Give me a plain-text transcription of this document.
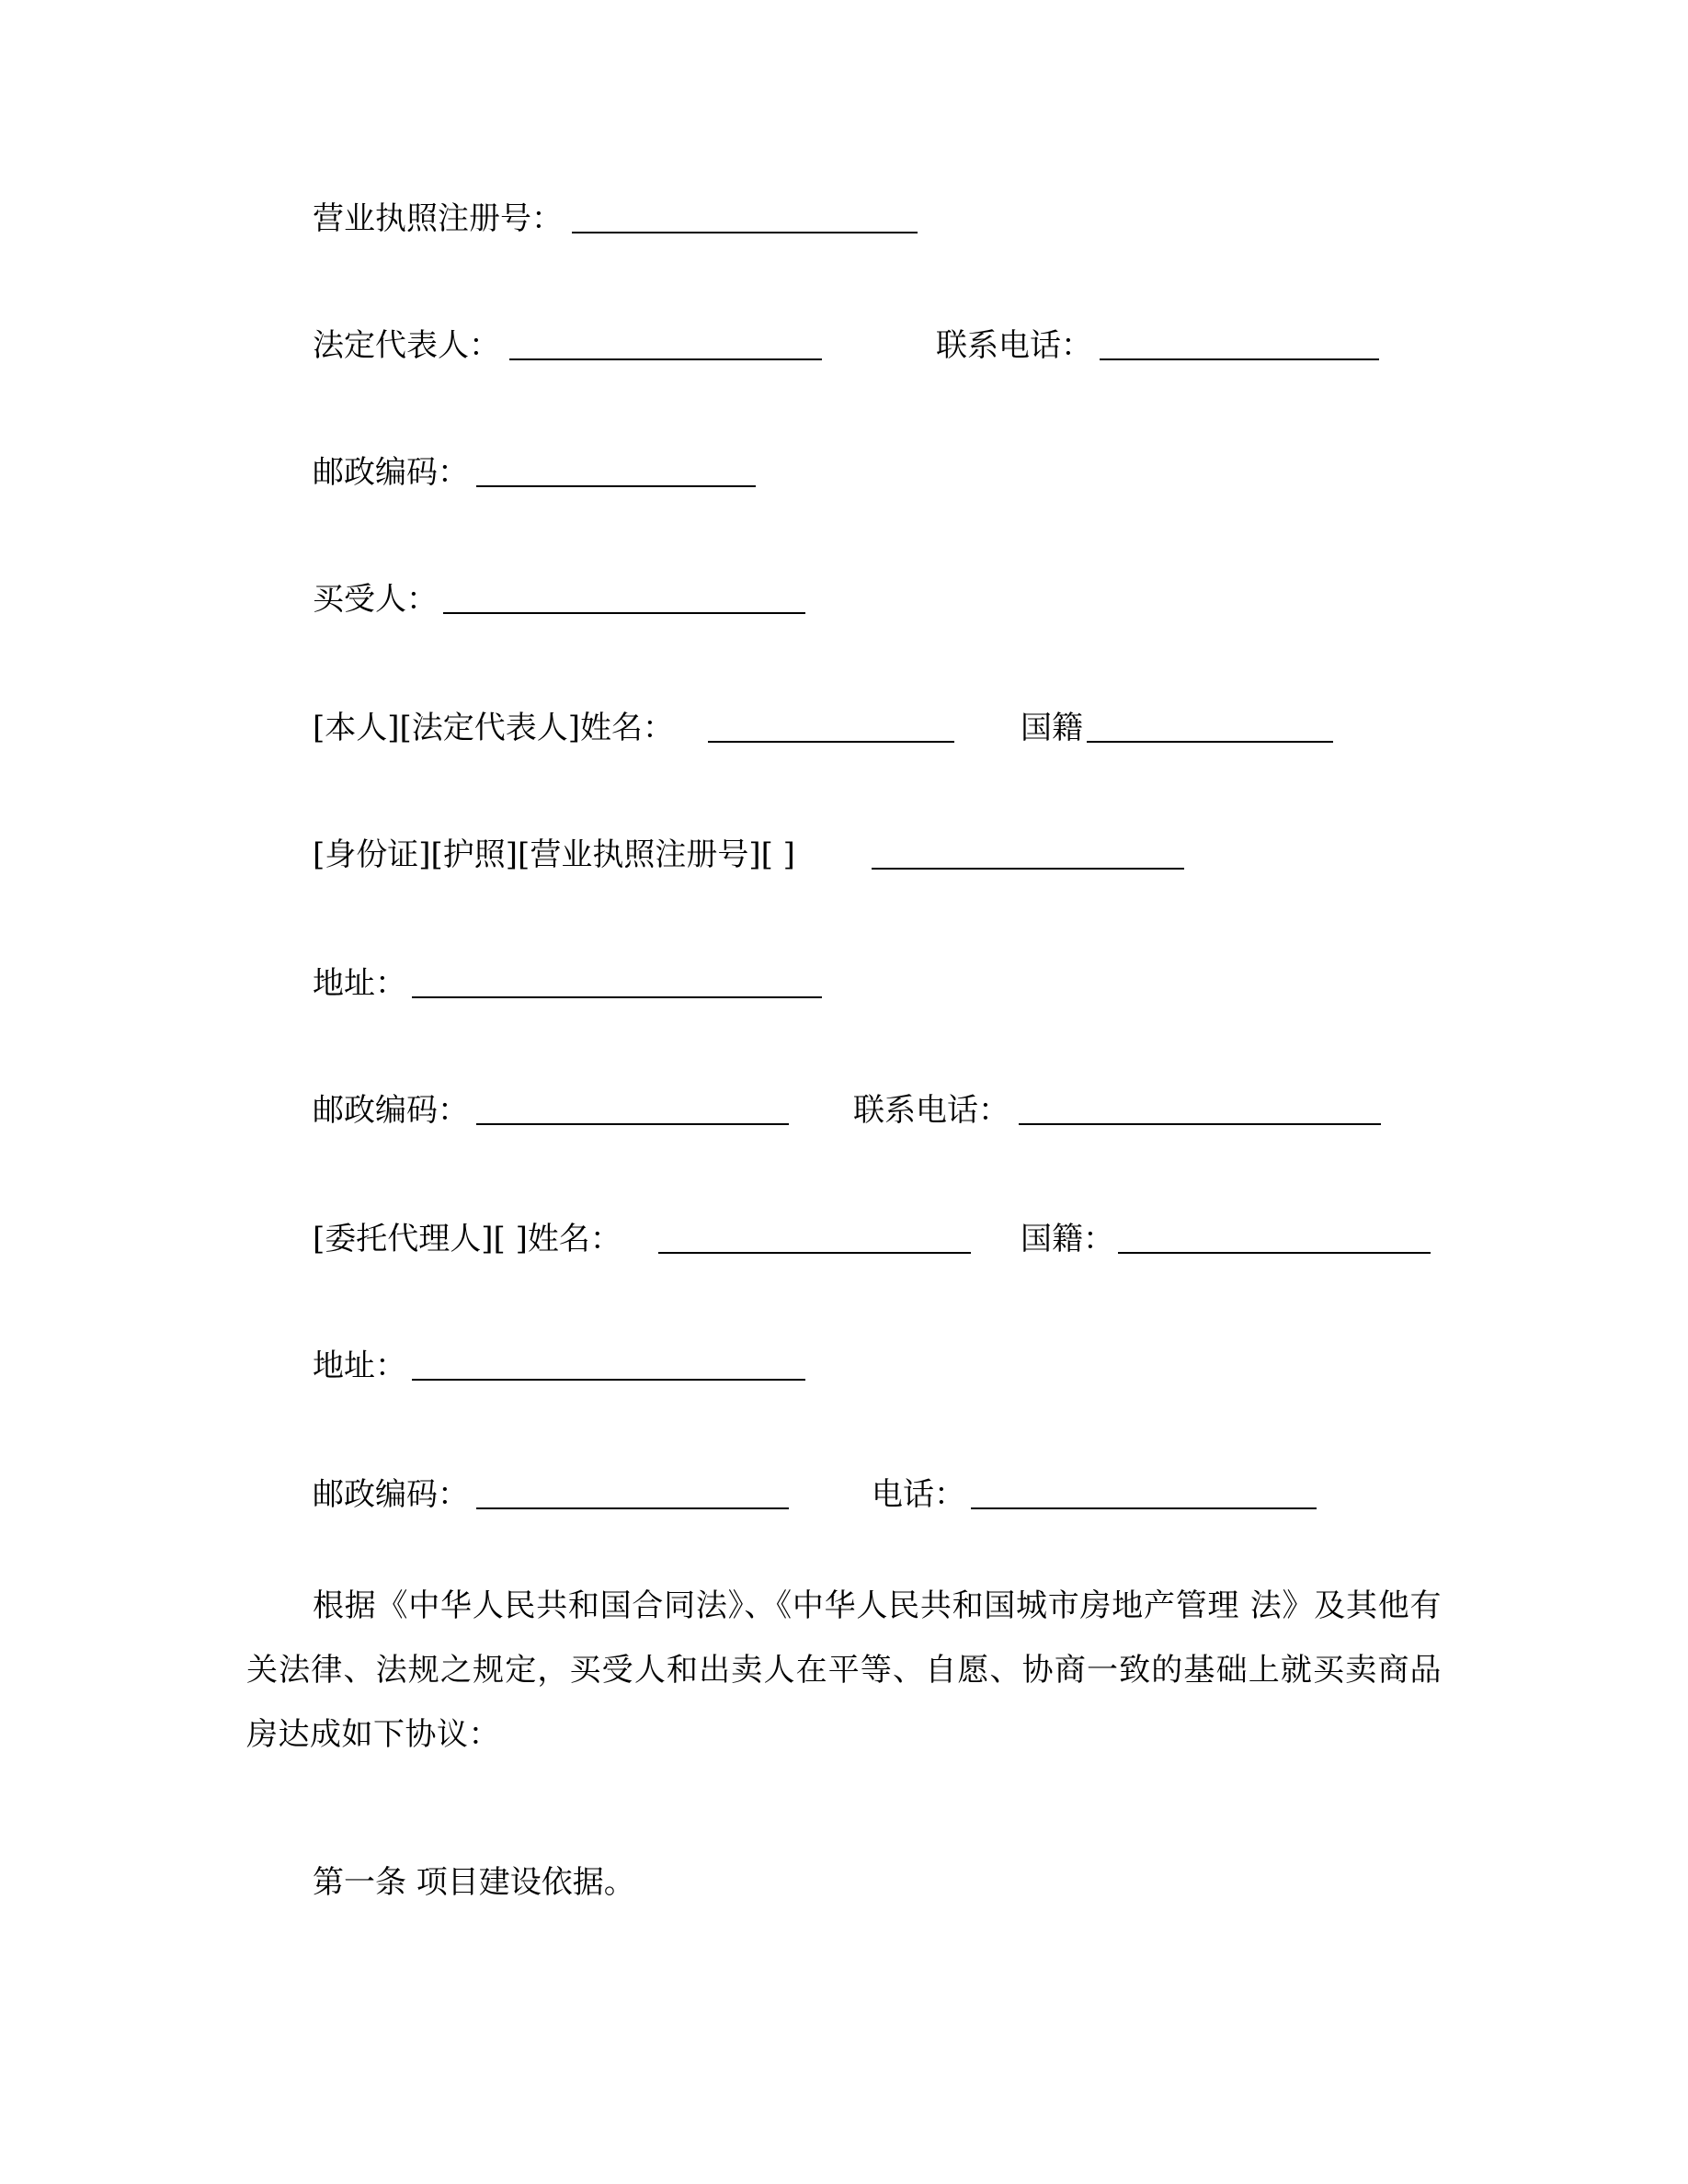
营业执照注册号：
法定代表人：	联系电话：
邮政编码：
买受人：
[本人][法定代表人]姓名：	国籍
[身份证][护照][营业执照注册号][ ]
地址：
邮政编码：	联系电话：
[委托代理人][ ]姓名：	国籍：
地址：
邮政编码：	电话：

根据《中华人民共和国合同法》、《中华人民共和国城市房地产管理 法》及其他有关法律、法规之规定，买受人和出卖人在平等、自愿、协商一致的基础上就买卖商品房达成如下协议：

第一条 项目建设依据。
